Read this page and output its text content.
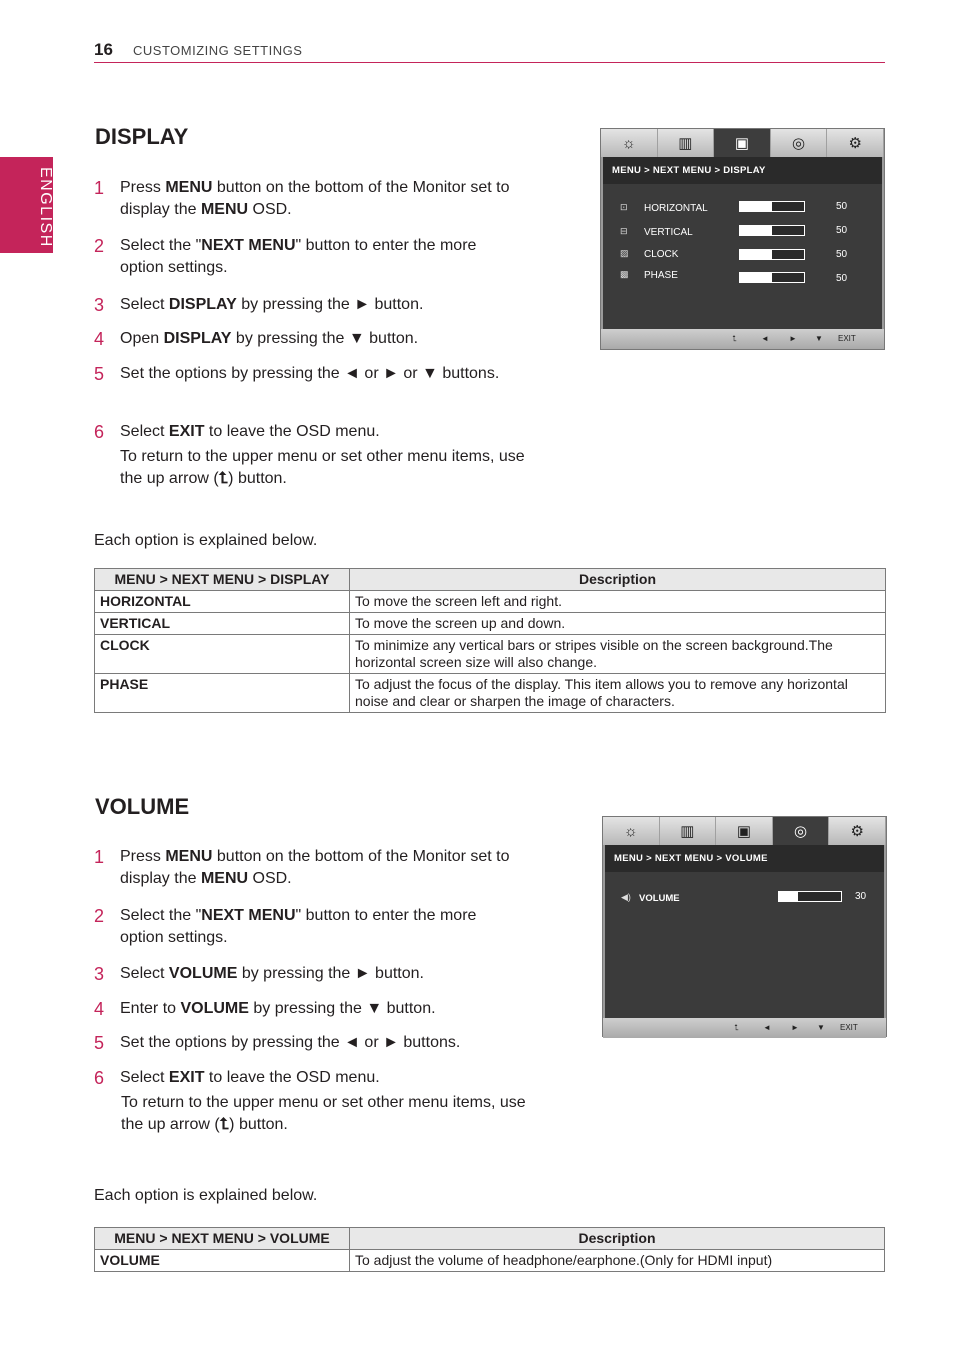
16 CUSTOMIZING SETTINGS
ENGLISH
DISPLAY
1 Press MENU button on the bottom of the Monitor set to display the MENU OSD.
2 Select the "NEXT MENU" button to enter the more option settings.
3 Select DISPLAY by pressing the ► button.
4 Open DISPLAY by pressing the ▼ button.
5 Set the options by pressing the ◄ or ► or ▼ buttons.
6 Select EXIT to leave the OSD menu.
To return to the upper menu or set other menu items, use the up arrow (⮤) button.
☼	▥	▣	◎	⚙
MENU > NEXT MENU > DISPLAY
⊡ HORIZONTAL	50
⊟ VERTICAL	50
▨ CLOCK	50
▩ PHASE	50
⮤	◄	► ▼ EXIT
Each option is explained below.
MENU > NEXT MENU > DISPLAY	Description
HORIZONTAL	To move the screen left and right.
VERTICAL	To move the screen up and down.
CLOCK	To minimize any vertical bars or stripes visible on the screen background.The horizontal screen size will also change.
PHASE	To adjust the focus of the display. This item allows you to remove any horizontal noise and clear or sharpen the image of characters.
VOLUME
1 Press MENU button on the bottom of the Monitor set to display the MENU OSD.
2 Select the "NEXT MENU" button to enter the more option settings.
3 Select VOLUME by pressing the ► button.
4 Enter to VOLUME by pressing the ▼ button.
5 Set the options by pressing the ◄ or ► buttons.
6 Select EXIT to leave the OSD menu.
To return to the upper menu or set other menu items, use the up arrow (⮤) button.
☼	▥	▣	◎	⚙
MENU > NEXT MENU > VOLUME
◀) VOLUME	30
⮤	◄	► ▼ EXIT
Each option is explained below.
MENU > NEXT MENU > VOLUME	Description
VOLUME	To adjust the volume of headphone/earphone.(Only for HDMI input)
